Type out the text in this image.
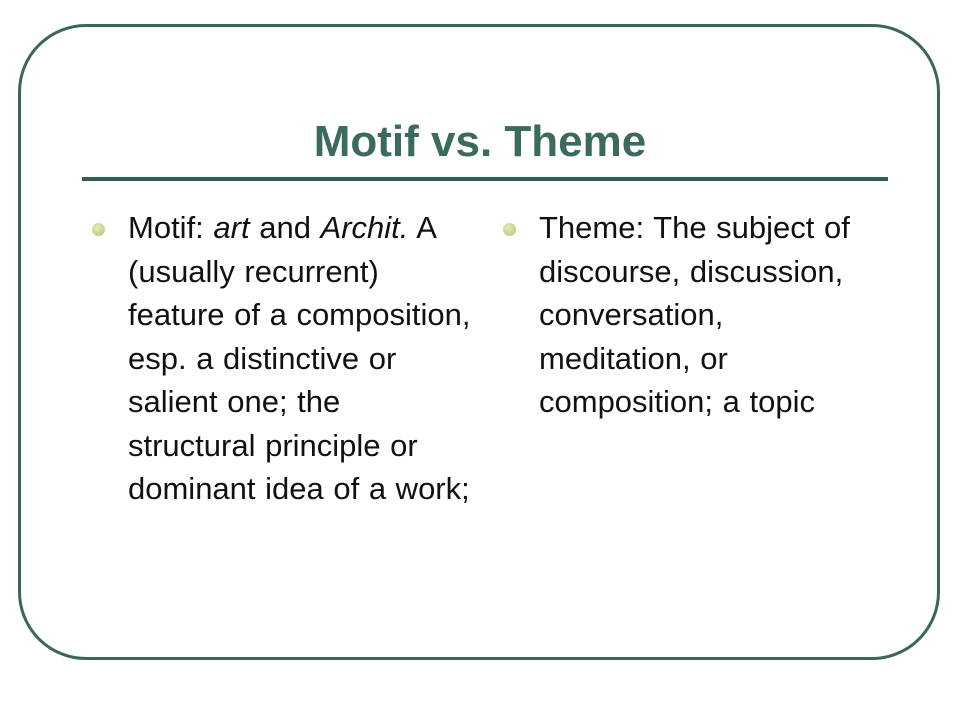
Motif vs. Theme
Motif: art and Archit. A (usually recurrent) feature of a composition, esp. a distinctive or salient one; the structural principle or dominant idea of a work;
Theme: The subject of discourse, discussion, conversation, meditation, or composition; a topic
